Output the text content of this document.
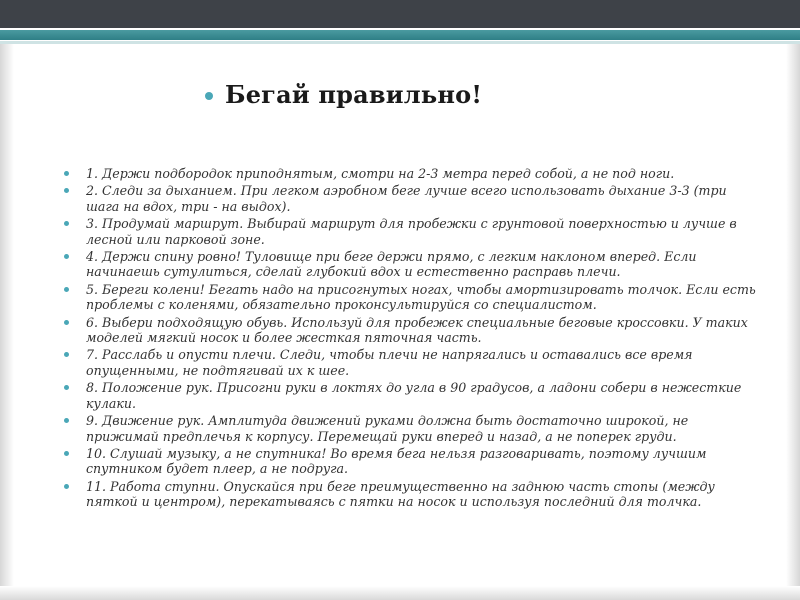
Бегай правильно!
1. Держи подбородок приподнятым, смотри на 2-3 метра перед собой, а не под ноги.
2. Следи за дыханием. При легком аэробном беге лучше всего использовать дыхание 3-3 (три шага на вдох, три - на выдох).
3. Продумай маршрут. Выбирай маршрут для пробежки с грунтовой поверхностью и лучше в лесной или парковой зоне.
4. Держи спину ровно! Туловище при беге держи прямо, с легким наклоном вперед. Если начинаешь сутулиться, сделай глубокий вдох и естественно расправь плечи.
5. Береги колени! Бегать надо на присогнутых ногах, чтобы амортизировать толчок. Если есть проблемы с коленями, обязательно проконсультируйся со специалистом.
6. Выбери подходящую обувь. Используй для пробежек специальные беговые кроссовки. У таких моделей мягкий носок и более жесткая пяточная часть.
7. Расслабь и опусти плечи. Следи, чтобы плечи не напрягались и оставались все время опущенными, не подтягивай их к шее.
8. Положение рук. Присогни руки в локтях до угла в 90 градусов, а ладони собери в нежесткие кулаки.
9. Движение рук. Амплитуда движений руками должна быть достаточно широкой, не прижимай предплечья к корпусу. Перемещай руки вперед и назад, а не поперек груди.
10. Слушай музыку, а не спутника! Во время бега нельзя разговаривать, поэтому лучшим спутником будет плеер, а не подруга.
11. Работа ступни. Опускайся при беге преимущественно на заднюю часть стопы (между пяткой и центром), перекатываясь с пятки на носок и используя последний для толчка.
